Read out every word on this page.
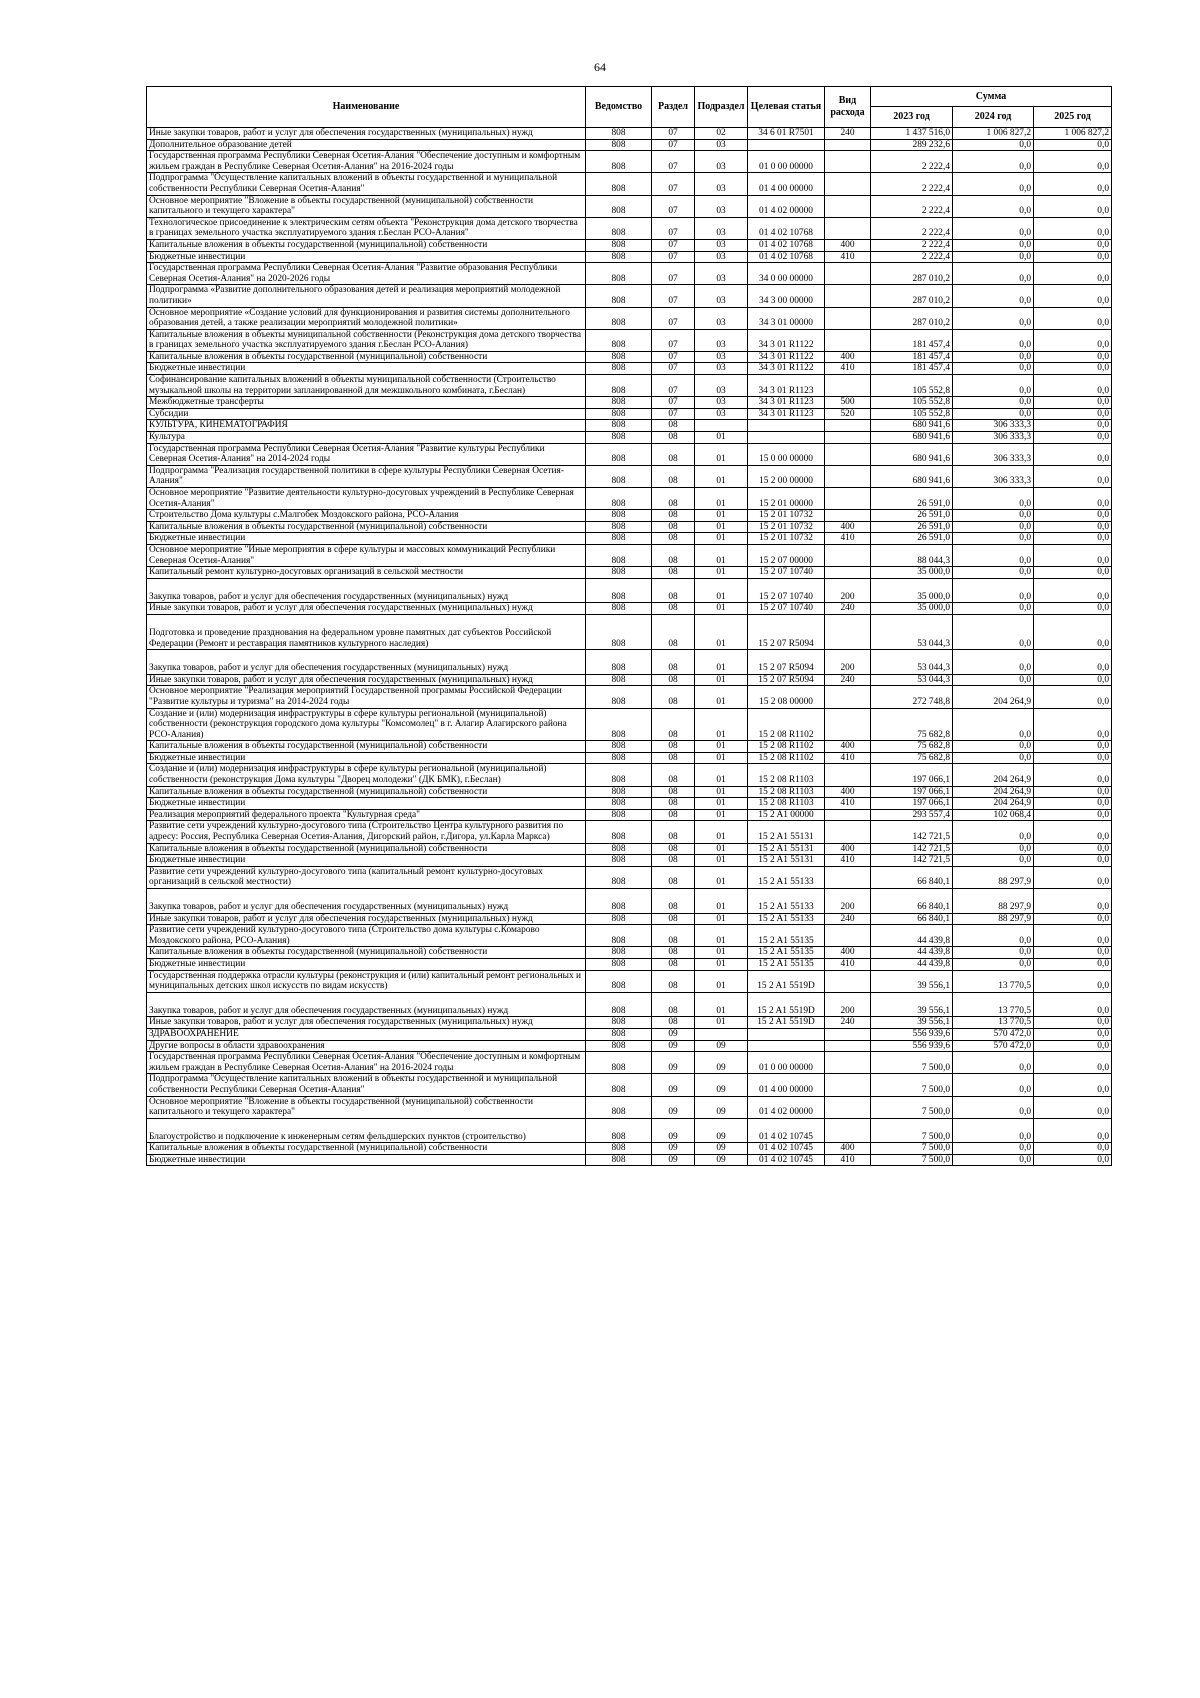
64
Наименование	Ведомство	Раздел	Подраздел	Целевая статья	Вид расхода	Сумма		
						2023 год	2024 год	2025 год
Иные закупки товаров, работ и услуг для обеспечения государственных (муниципальных) нужд	808	07	02	34 6 01 R7501	240	1 437 516,0	1 006 827,2	1 006 827,2
Дополнительное образование детей	808	07	03			289 232,6	0,0	0,0
Государственная программа Республики Северная Осетия-Алания "Обеспечение доступным и комфортным жильем граждан в Республике Северная Осетия-Алания" на 2016-2024 годы	808	07	03	01 0 00 00000		2 222,4	0,0	0,0
Подпрограмма "Осуществление капитальных вложений в объекты государственной и муниципальной собственности Республики Северная Осетия-Алания"	808	07	03	01 4 00 00000		2 222,4	0,0	0,0
Основное мероприятие "Вложение в объекты государственной (муниципальной) собственности капитального и текущего характера"	808	07	03	01 4 02 00000		2 222,4	0,0	0,0
Технологическое присоединение к электрическим сетям объекта "Реконструкция дома детского творчества в границах земельного участка эксплуатируемого здания г.Беслан РСО-Алания"	808	07	03	01 4 02 10768		2 222,4	0,0	0,0
Капитальные вложения в объекты государственной (муниципальной) собственности	808	07	03	01 4 02 10768	400	2 222,4	0,0	0,0
Бюджетные инвестиции	808	07	03	01 4 02 10768	410	2 222,4	0,0	0,0
Государственная программа Республики Северная Осетия-Алания "Развитие образования Республики Северная Осетия-Алания" на 2020-2026 годы	808	07	03	34 0 00 00000		287 010,2	0,0	0,0
Подпрограмма «Развитие дополнительного образования детей и реализация мероприятий молодежной политики»	808	07	03	34 3 00 00000		287 010,2	0,0	0,0
Основное мероприятие «Создание условий для функционирования и развития системы дополнительного образования детей, а также реализации мероприятий молодежной политики»	808	07	03	34 3 01 00000		287 010,2	0,0	0,0
Капитальные вложения в объекты муниципальной собственности (Реконструкция дома детского творчества в границах земельного участка эксплуатируемого здания г.Беслан РСО-Алания)	808	07	03	34 3 01 R1122		181 457,4	0,0	0,0
Капитальные вложения в объекты государственной (муниципальной) собственности	808	07	03	34 3 01 R1122	400	181 457,4	0,0	0,0
Бюджетные инвестиции	808	07	03	34 3 01 R1122	410	181 457,4	0,0	0,0
Софинансирование капитальных вложений в объекты муниципальной собственности (Строительство музыкальной школы на территории запланированной для межшкольного комбината, г.Беслан)	808	07	03	34 3 01 R1123		105 552,8	0,0	0,0
Межбюджетные трансферты	808	07	03	34 3 01 R1123	500	105 552,8	0,0	0,0
Субсидии	808	07	03	34 3 01 R1123	520	105 552,8	0,0	0,0
КУЛЬТУРА, КИНЕМАТОГРАФИЯ	808	08				680 941,6	306 333,3	0,0
Культура	808	08	01			680 941,6	306 333,3	0,0
Государственная программа Республики Северная Осетия-Алания "Развитие культуры Республики Северная Осетия-Алания" на 2014-2024 годы	808	08	01	15 0 00 00000		680 941,6	306 333,3	0,0
Подпрограмма "Реализация государственной политики в сфере культуры Республики Северная Осетия-Алания"	808	08	01	15 2 00 00000		680 941,6	306 333,3	0,0
Основное мероприятие "Развитие деятельности культурно-досуговых учреждений в Республике Северная Осетия-Алания"	808	08	01	15 2 01 00000		26 591,0	0,0	0,0
Строительство Дома культуры с.Малгобек Моздокского района, РСО-Алания	808	08	01	15 2 01 10732		26 591,0	0,0	0,0
Капитальные вложения в объекты государственной (муниципальной) собственности	808	08	01	15 2 01 10732	400	26 591,0	0,0	0,0
Бюджетные инвестиции	808	08	01	15 2 01 10732	410	26 591,0	0,0	0,0
Основное мероприятие "Иные мероприятия в сфере культуры и массовых коммуникаций Республики Северная Осетия-Алания"	808	08	01	15 2 07 00000		88 044,3	0,0	0,0
Капитальный ремонт культурно-досуговых организаций в сельской местности	808	08	01	15 2 07 10740		35 000,0	0,0	0,0
Закупка товаров, работ и услуг для обеспечения государственных (муниципальных) нужд	808	08	01	15 2 07 10740	200	35 000,0	0,0	0,0
Иные закупки товаров, работ и услуг для обеспечения государственных (муниципальных) нужд	808	08	01	15 2 07 10740	240	35 000,0	0,0	0,0
Подготовка и проведение празднования на федеральном уровне памятных дат субъектов Российской Федерации (Ремонт и реставрация памятников культурного наследия)	808	08	01	15 2 07 R5094		53 044,3	0,0	0,0
Закупка товаров, работ и услуг для обеспечения государственных (муниципальных) нужд	808	08	01	15 2 07 R5094	200	53 044,3	0,0	0,0
Иные закупки товаров, работ и услуг для обеспечения государственных (муниципальных) нужд	808	08	01	15 2 07 R5094	240	53 044,3	0,0	0,0
Основное мероприятие "Реализация мероприятий Государственной программы Российской Федерации "Развитие культуры и туризма" на 2014-2024 годы	808	08	01	15 2 08 00000		272 748,8	204 264,9	0,0
Создание и (или) модернизация инфраструктуры в сфере культуры региональной (муниципальной) собственности (реконструкция городского дома культуры "Комсомолец" в г. Алагир Алагирского района РСО-Алания)	808	08	01	15 2 08 R1102		75 682,8	0,0	0,0
Капитальные вложения в объекты государственной (муниципальной) собственности	808	08	01	15 2 08 R1102	400	75 682,8	0,0	0,0
Бюджетные инвестиции	808	08	01	15 2 08 R1102	410	75 682,8	0,0	0,0
Создание и (или) модернизация инфраструктуры в сфере культуры региональной (муниципальной) собственности (реконструкция Дома культуры "Дворец молодежи" (ДК БМК), г.Беслан)	808	08	01	15 2 08 R1103		197 066,1	204 264,9	0,0
Капитальные вложения в объекты государственной (муниципальной) собственности	808	08	01	15 2 08 R1103	400	197 066,1	204 264,9	0,0
Бюджетные инвестиции	808	08	01	15 2 08 R1103	410	197 066,1	204 264,9	0,0
Реализация мероприятий федерального проекта "Культурная среда"	808	08	01	15 2 A1 00000		293 557,4	102 068,4	0,0
Развитие сети учреждений культурно-досугового типа (Строительство Центра культурного развития по адресу: Россия, Республика Северная Осетия-Алания, Дигорский район, г.Дигора, ул.Карла Маркса)	808	08	01	15 2 A1 55131		142 721,5	0,0	0,0
Капитальные вложения в объекты государственной (муниципальной) собственности	808	08	01	15 2 A1 55131	400	142 721,5	0,0	0,0
Бюджетные инвестиции	808	08	01	15 2 A1 55131	410	142 721,5	0,0	0,0
Развитие сети учреждений культурно-досугового типа (капитальный ремонт культурно-досуговых организаций в сельской местности)	808	08	01	15 2 A1 55133		66 840,1	88 297,9	0,0
Закупка товаров, работ и услуг для обеспечения государственных (муниципальных) нужд	808	08	01	15 2 A1 55133	200	66 840,1	88 297,9	0,0
Иные закупки товаров, работ и услуг для обеспечения государственных (муниципальных) нужд	808	08	01	15 2 A1 55133	240	66 840,1	88 297,9	0,0
Развитие сети учреждений культурно-досугового типа (Строительство дома культуры с.Комарово Моздокского района, РСО-Алания)	808	08	01	15 2 A1 55135		44 439,8	0,0	0,0
Капитальные вложения в объекты государственной (муниципальной) собственности	808	08	01	15 2 A1 55135	400	44 439,8	0,0	0,0
Бюджетные инвестиции	808	08	01	15 2 A1 55135	410	44 439,8	0,0	0,0
Государственная поддержка отрасли культуры (реконструкция и (или) капитальный ремонт региональных и муниципальных детских школ искусств по видам искусств)	808	08	01	15 2 A1 5519D		39 556,1	13 770,5	0,0
Закупка товаров, работ и услуг для обеспечения государственных (муниципальных) нужд	808	08	01	15 2 A1 5519D	200	39 556,1	13 770,5	0,0
Иные закупки товаров, работ и услуг для обеспечения государственных (муниципальных) нужд	808	08	01	15 2 A1 5519D	240	39 556,1	13 770,5	0,0
ЗДРАВООХРАНЕНИЕ	808	09				556 939,6	570 472,0	0,0
Другие вопросы в области здравоохранения	808	09	09			556 939,6	570 472,0	0,0
Государственная программа Республики Северная Осетия-Алания "Обеспечение доступным и комфортным жильем граждан в Республике Северная Осетия-Алания" на 2016-2024 годы	808	09	09	01 0 00 00000		7 500,0	0,0	0,0
Подпрограмма "Осуществление капитальных вложений в объекты государственной и муниципальной собственности Республики Северная Осетия-Алания"	808	09	09	01 4 00 00000		7 500,0	0,0	0,0
Основное мероприятие "Вложение в объекты государственной (муниципальной) собственности капитального и текущего характера"	808	09	09	01 4 02 00000		7 500,0	0,0	0,0
Благоустройство и подключение к инженерным сетям фельдшерских пунктов (строительство)	808	09	09	01 4 02 10745		7 500,0	0,0	0,0
Капитальные вложения в объекты государственной (муниципальной) собственности	808	09	09	01 4 02 10745	400	7 500,0	0,0	0,0
Бюджетные инвестиции	808	09	09	01 4 02 10745	410	7 500,0	0,0	0,0
